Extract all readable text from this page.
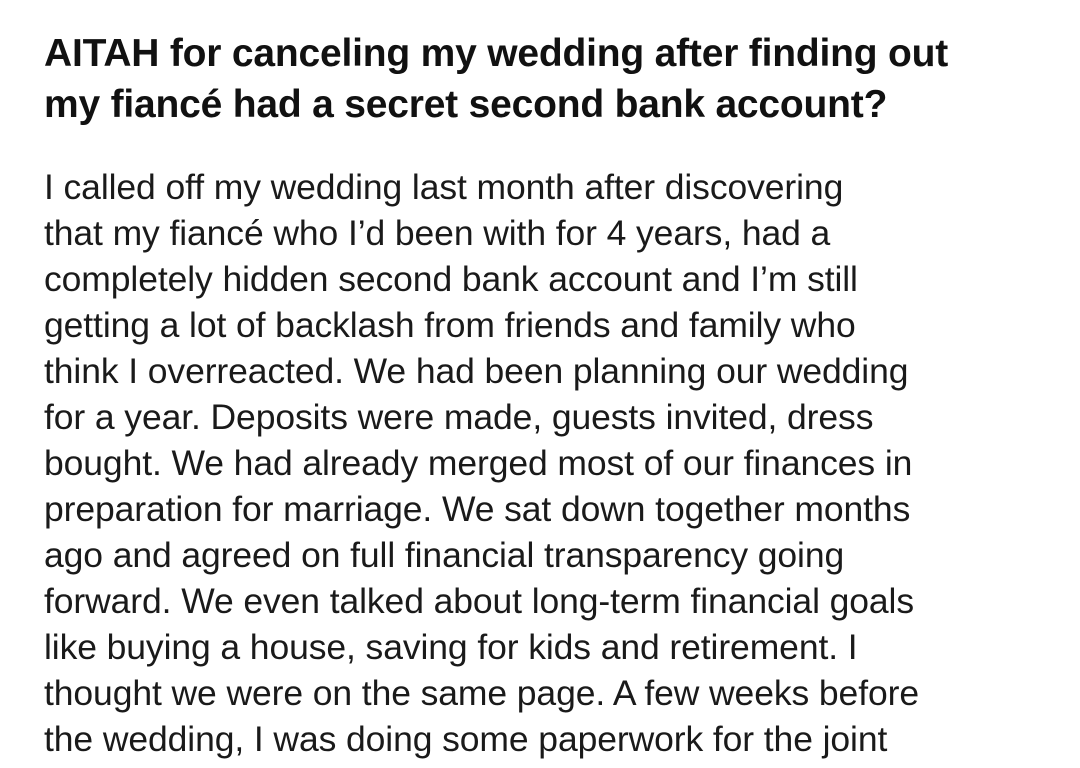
AITAH for canceling my wedding after finding out
my fiancé had a secret second bank account?
I called off my wedding last month after discovering
that my fiancé who I’d been with for 4 years, had a
completely hidden second bank account and I’m still
getting a lot of backlash from friends and family who
think I overreacted. We had been planning our wedding
for a year. Deposits were made, guests invited, dress
bought. We had already merged most of our finances in
preparation for marriage. We sat down together months
ago and agreed on full financial transparency going
forward. We even talked about long-term financial goals
like buying a house, saving for kids and retirement. I
thought we were on the same page. A few weeks before
the wedding, I was doing some paperwork for the joint
